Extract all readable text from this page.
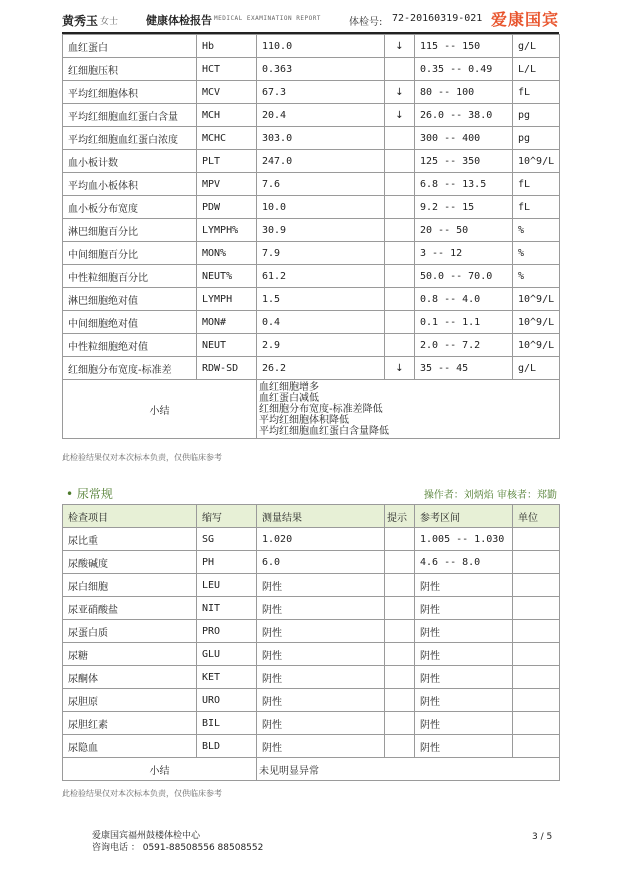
黄秀玉 女士	健康体检报告 MEDICAL EXAMINATION REPORT	体检号: 72-20160319-021 爱康国宾
血红蛋白	Hb	110.0	↓	115 -- 150	g/L
红细胞压积	HCT	0.363		0.35 -- 0.49	L/L
平均红细胞体积	MCV	67.3	↓	80 -- 100	fL
平均红细胞血红蛋白含量	MCH	20.4	↓	26.0 -- 38.0	pg
平均红细胞血红蛋白浓度	MCHC	303.0		300 -- 400	pg
血小板计数	PLT	247.0		125 -- 350	10^9/L
平均血小板体积	MPV	7.6		6.8 -- 13.5	fL
血小板分布宽度	PDW	10.0		9.2 -- 15	fL
淋巴细胞百分比	LYMPH%	30.9		20 -- 50	%
中间细胞百分比	MON%	7.9		3 -- 12	%
中性粒细胞百分比	NEUT%	61.2		50.0 -- 70.0	%
淋巴细胞绝对值	LYMPH	1.5		0.8 -- 4.0	10^9/L
中间细胞绝对值	MON#	0.4		0.1 -- 1.1	10^9/L
中性粒细胞绝对值	NEUT	2.9		2.0 -- 7.2	10^9/L
红细胞分布宽度-标准差	RDW-SD	26.2	↓	35 -- 45	g/L
小结		血红细胞增多
血红蛋白减低
红细胞分布宽度-标准差降低
平均红细胞体积降低
平均红细胞血红蛋白含量降低			
此检验结果仅对本次标本负责，仅供临床参考
• 尿常规	操作者：刘炳焰 审核者：郑勤
检查项目	缩写	测量结果	提示	参考区间	单位
尿比重	SG	1.020		1.005 -- 1.030	
尿酸碱度	PH	6.0		4.6 -- 8.0	
尿白细胞	LEU	阴性		阴性	
尿亚硝酸盐	NIT	阴性		阴性	
尿蛋白质	PRO	阴性		阴性	
尿糖	GLU	阴性		阴性	
尿酮体	KET	阴性		阴性	
尿胆原	URO	阴性		阴性	
尿胆红素	BIL	阴性		阴性	
尿隐血	BLD	阴性		阴性	
小结		未见明显异常			
此检验结果仅对本次标本负责，仅供临床参考
爱康国宾福州鼓楼体检中心
咨询电话 ： 0591-88508556 88508552
3 / 5
